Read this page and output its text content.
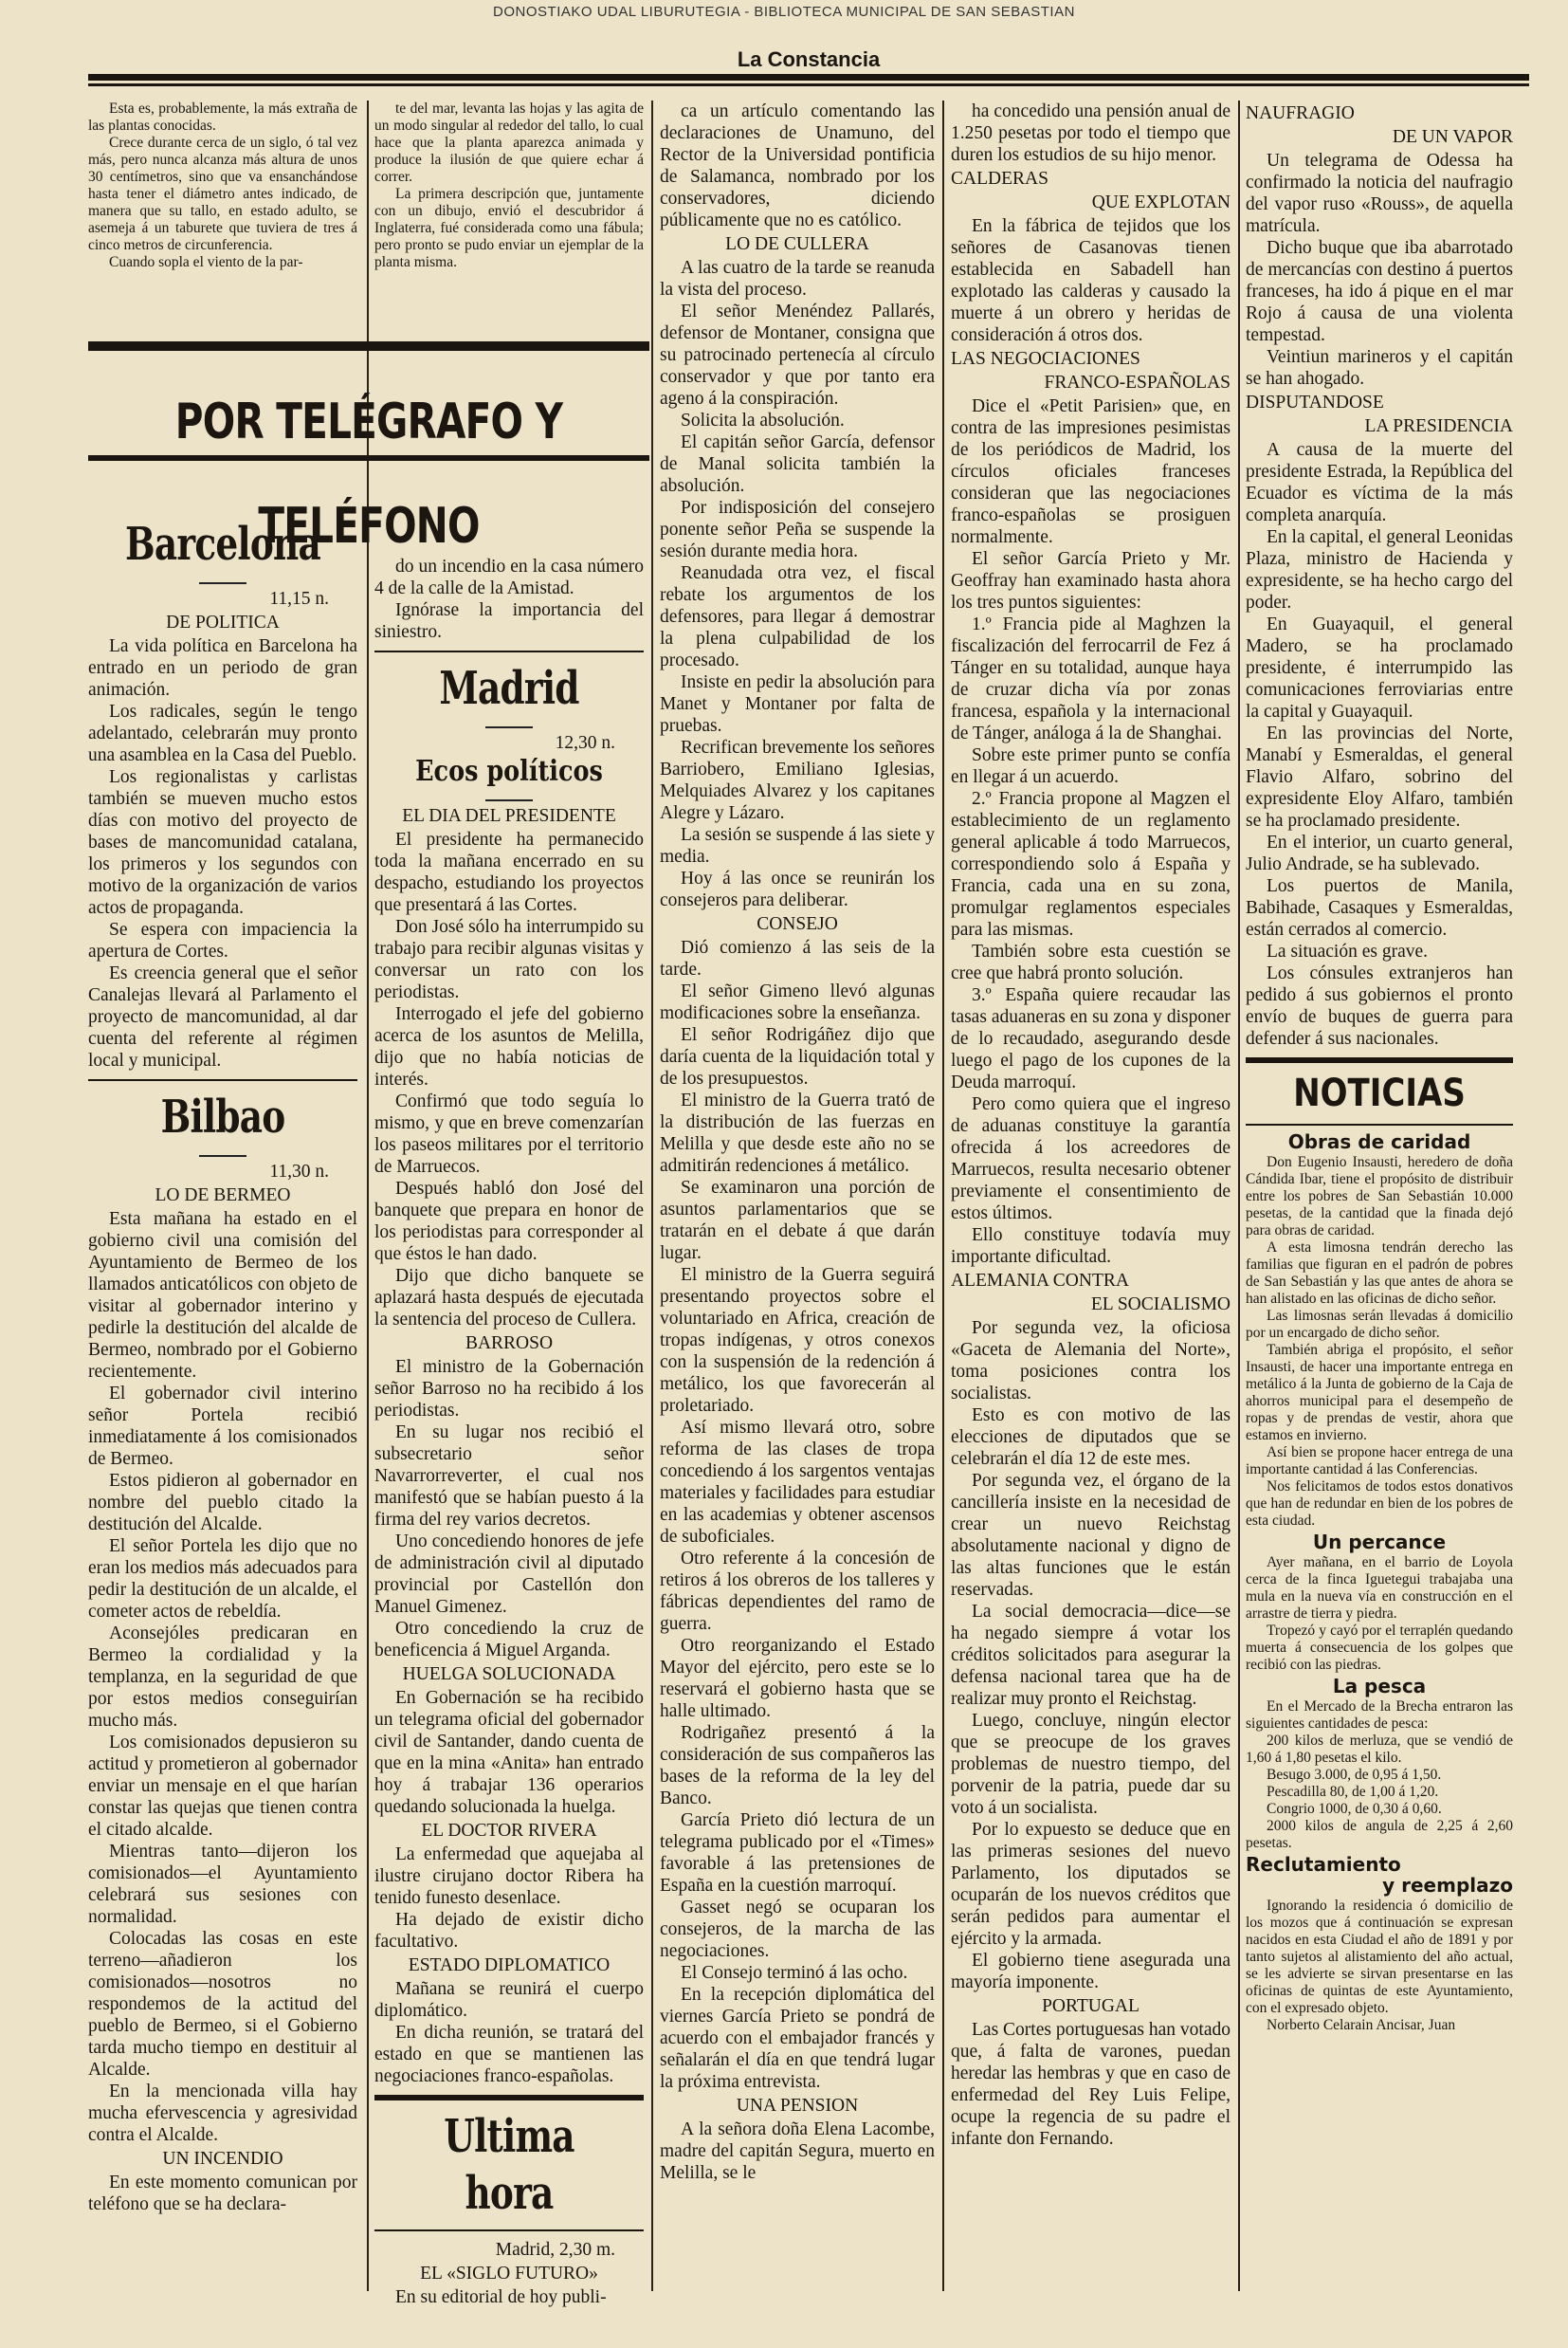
DONOSTIAKO UDAL LIBURUTEGIA - BIBLIOTECA MUNICIPAL DE SAN SEBASTIAN
La Constancia
POR TELÉGRAFO Y TELÉFONO

Esta es, probablemente, la más extraña de las plantas conocidas.

Crece durante cerca de un siglo, ó tal vez más, pero nunca alcanza más altura de unos 30 centímetros, sino que va ensanchándose hasta tener el diámetro antes indicado, de manera que su tallo, en estado adulto, se asemeja á un taburete que tuviera de tres á cinco metros de circunferencia.

Cuando sopla el viento de la par-

Barcelona
11,15 n.
DE POLITICA

La vida política en Barcelona ha entrado en un periodo de gran animación.

Los radicales, según le tengo adelantado, celebrarán muy pronto una asamblea en la Casa del Pueblo.

Los regionalistas y carlistas también se mueven mucho estos días con motivo del proyecto de bases de mancomunidad catalana, los primeros y los segundos con motivo de la organización de varios actos de propaganda.

Se espera con impaciencia la apertura de Cortes.

Es creencia general que el señor Canalejas llevará al Parlamento el proyecto de mancomunidad, al dar cuenta del referente al régimen local y municipal.

Bilbao
11,30 n.
LO DE BERMEO

Esta mañana ha estado en el gobierno civil una comisión del Ayuntamiento de Bermeo de los llamados anticatólicos con objeto de visitar al gobernador interino y pedirle la destitución del alcalde de Bermeo, nombrado por el Gobierno recientemente.

El gobernador civil interino señor Portela recibió inmediatamente á los comisionados de Bermeo.

Estos pidieron al gobernador en nombre del pueblo citado la destitución del Alcalde.

El señor Portela les dijo que no eran los medios más adecuados para pedir la destitución de un alcalde, el cometer actos de rebeldía.

Aconsejóles predicaran en Bermeo la cordialidad y la templanza, en la seguridad de que por estos medios conseguirían mucho más.

Los comisionados depusieron su actitud y prometieron al gobernador enviar un mensaje en el que harían constar las quejas que tienen contra el citado alcalde.

Mientras tanto—dijeron los comisionados—el Ayuntamiento celebrará sus sesiones con normalidad.

Colocadas las cosas en este terreno—añadieron los comisionados—nosotros no respondemos de la actitud del pueblo de Bermeo, si el Gobierno tarda mucho tiempo en destituir al Alcalde.

En la mencionada villa hay mucha efervescencia y agresividad contra el Alcalde.

UN INCENDIO

En este momento comunican por teléfono que se ha declara-

te del mar, levanta las hojas y las agita de un modo singular al rededor del tallo, lo cual hace que la planta aparezca animada y produce la ilusión de que quiere echar á correr.

La primera descripción que, juntamente con un dibujo, envió el descubridor á Inglaterra, fué considerada como una fábula; pero pronto se pudo enviar un ejemplar de la planta misma.

do un incendio en la casa número 4 de la calle de la Amistad.

Ignórase la importancia del siniestro.

Madrid
12,30 n.
Ecos políticos
EL DIA DEL PRESIDENTE

El presidente ha permanecido toda la mañana encerrado en su despacho, estudiando los proyectos que presentará á las Cortes.

Don José sólo ha interrumpido su trabajo para recibir algunas visitas y conversar un rato con los periodistas.

Interrogado el jefe del gobierno acerca de los asuntos de Melilla, dijo que no había noticias de interés.

Confirmó que todo seguía lo mismo, y que en breve comenzarían los paseos militares por el territorio de Marruecos.

Después habló don José del banquete que prepara en honor de los periodistas para corresponder al que éstos le han dado.

Dijo que dicho banquete se aplazará hasta después de ejecutada la sentencia del proceso de Cullera.

BARROSO

El ministro de la Gobernación señor Barroso no ha recibido á los periodistas.

En su lugar nos recibió el subsecretario señor Navarrorreverter, el cual nos manifestó que se habían puesto á la firma del rey varios decretos.

Uno concediendo honores de jefe de administración civil al diputado provincial por Castellón don Manuel Gimenez.

Otro concediendo la cruz de beneficencia á Miguel Arganda.

HUELGA SOLUCIONADA

En Gobernación se ha recibido un telegrama oficial del gobernador civil de Santander, dando cuenta de que en la mina «Anita» han entrado hoy á trabajar 136 operarios quedando solucionada la huelga.

EL DOCTOR RIVERA

La enfermedad que aquejaba al ilustre cirujano doctor Ribera ha tenido funesto desenlace.

Ha dejado de existir dicho facultativo.

ESTADO DIPLOMATICO

Mañana se reunirá el cuerpo diplomático.

En dicha reunión, se tratará del estado en que se mantienen las negociaciones franco-españolas.

Ultima hora
Madrid, 2,30 m.
EL «SIGLO FUTURO»

En su editorial de hoy publi-

ca un artículo comentando las declaraciones de Unamuno, del Rector de la Universidad pontificia de Salamanca, nombrado por los conservadores, diciendo públicamente que no es católico.

LO DE CULLERA

A las cuatro de la tarde se reanuda la vista del proceso.

El señor Menéndez Pallarés, defensor de Montaner, consigna que su patrocinado pertenecía al círculo conservador y que por tanto era ageno á la conspiración.

Solicita la absolución.

El capitán señor García, defensor de Manal solicita también la absolución.

Por indisposición del consejero ponente señor Peña se suspende la sesión durante media hora.

Reanudada otra vez, el fiscal rebate los argumentos de los defensores, para llegar á demostrar la plena culpabilidad de los procesado.

Insiste en pedir la absolución para Manet y Montaner por falta de pruebas.

Recrifican brevemente los señores Barriobero, Emiliano Iglesias, Melquiades Alvarez y los capitanes Alegre y Lázaro.

La sesión se suspende á las siete y media.

Hoy á las once se reunirán los consejeros para deliberar.

CONSEJO

Dió comienzo á las seis de la tarde.

El señor Gimeno llevó algunas modificaciones sobre la enseñanza.

El señor Rodrigáñez dijo que daría cuenta de la liquidación total y de los presupuestos.

El ministro de la Guerra trató de la distribución de las fuerzas en Melilla y que desde este año no se admitirán redenciones á metálico.

Se examinaron una porción de asuntos parlamentarios que se tratarán en el debate á que darán lugar.

El ministro de la Guerra seguirá presentando proyectos sobre el voluntariado en Africa, creación de tropas indígenas, y otros conexos con la suspensión de la redención á metálico, los que favorecerán al proletariado.

Así mismo llevará otro, sobre reforma de las clases de tropa concediendo á los sargentos ventajas materiales y facilidades para estudiar en las academias y obtener ascensos de suboficiales.

Otro referente á la concesión de retiros á los obreros de los talleres y fábricas dependientes del ramo de guerra.

Otro reorganizando el Estado Mayor del ejército, pero este se lo reservará el gobierno hasta que se halle ultimado.

Rodrigañez presentó á la consideración de sus compañeros las bases de la reforma de la ley del Banco.

García Prieto dió lectura de un telegrama publicado por el «Times» favorable á las pretensiones de España en la cuestión marroquí.

Gasset negó se ocuparan los consejeros, de la marcha de las negociaciones.

El Consejo terminó á las ocho.

En la recepción diplomática del viernes García Prieto se pondrá de acuerdo con el embajador francés y señalarán el día en que tendrá lugar la próxima entrevista.

UNA PENSION

A la señora doña Elena Lacombe, madre del capitán Segura, muerto en Melilla, se le

ha concedido una pensión anual de 1.250 pesetas por todo el tiempo que duren los estudios de su hijo menor.

CALDERAS
QUE EXPLOTAN

En la fábrica de tejidos que los señores de Casanovas tienen establecida en Sabadell han explotado las calderas y causado la muerte á un obrero y heridas de consideración á otros dos.

LAS NEGOCIACIONES
FRANCO-ESPAÑOLAS

Dice el «Petit Parisien» que, en contra de las impresiones pesimistas de los periódicos de Madrid, los círculos oficiales franceses consideran que las negociaciones franco-españolas se prosiguen normalmente.

El señor García Prieto y Mr. Geoffray han examinado hasta ahora los tres puntos siguientes:

1.º Francia pide al Maghzen la fiscalización del ferrocarril de Fez á Tánger en su totalidad, aunque haya de cruzar dicha vía por zonas francesa, española y la internacional de Tánger, análoga á la de Shanghai.

Sobre este primer punto se confía en llegar á un acuerdo.

2.º Francia propone al Magzen el establecimiento de un reglamento general aplicable á todo Marruecos, correspondiendo solo á España y Francia, cada una en su zona, promulgar reglamentos especiales para las mismas.

También sobre esta cuestión se cree que habrá pronto solución.

3.º España quiere recaudar las tasas aduaneras en su zona y disponer de lo recaudado, asegurando desde luego el pago de los cupones de la Deuda marroquí.

Pero como quiera que el ingreso de aduanas constituye la garantía ofrecida á los acreedores de Marruecos, resulta necesario obtener previamente el consentimiento de estos últimos.

Ello constituye todavía muy importante dificultad.

ALEMANIA CONTRA
EL SOCIALISMO

Por segunda vez, la oficiosa «Gaceta de Alemania del Norte», toma posiciones contra los socialistas.

Esto es con motivo de las elecciones de diputados que se celebrarán el día 12 de este mes.

Por segunda vez, el órgano de la cancillería insiste en la necesidad de crear un nuevo Reichstag absolutamente nacional y digno de las altas funciones que le están reservadas.

La social democracia—dice—se ha negado siempre á votar los créditos solicitados para asegurar la defensa nacional tarea que ha de realizar muy pronto el Reichstag.

Luego, concluye, ningún elector que se preocupe de los graves problemas de nuestro tiempo, del porvenir de la patria, puede dar su voto á un socialista.

Por lo expuesto se deduce que en las primeras sesiones del nuevo Parlamento, los diputados se ocuparán de los nuevos créditos que serán pedidos para aumentar el ejército y la armada.

El gobierno tiene asegurada una mayoría imponente.

PORTUGAL

Las Cortes portuguesas han votado que, á falta de varones, puedan heredar las hembras y que en caso de enfermedad del Rey Luis Felipe, ocupe la regencia de su padre el infante don Fernando.

NAUFRAGIO
DE UN VAPOR

Un telegrama de Odessa ha confirmado la noticia del naufragio del vapor ruso «Rouss», de aquella matrícula.

Dicho buque que iba abarrotado de mercancías con destino á puertos franceses, ha ido á pique en el mar Rojo á causa de una violenta tempestad.

Veintiun marineros y el capitán se han ahogado.

DISPUTANDOSE
LA PRESIDENCIA

A causa de la muerte del presidente Estrada, la República del Ecuador es víctima de la más completa anarquía.

En la capital, el general Leonidas Plaza, ministro de Hacienda y expresidente, se ha hecho cargo del poder.

En Guayaquil, el general Madero, se ha proclamado presidente, é interrumpido las comunicaciones ferroviarias entre la capital y Guayaquil.

En las provincias del Norte, Manabí y Esmeraldas, el general Flavio Alfaro, sobrino del expresidente Eloy Alfaro, también se ha proclamado presidente.

En el interior, un cuarto general, Julio Andrade, se ha sublevado.

Los puertos de Manila, Babihade, Casaques y Esmeraldas, están cerrados al comercio.

La situación es grave.

Los cónsules extranjeros han pedido á sus gobiernos el pronto envío de buques de guerra para defender á sus nacionales.

NOTICIAS
Obras de caridad

Don Eugenio Insausti, heredero de doña Cándida Ibar, tiene el propósito de distribuir entre los pobres de San Sebastián 10.000 pesetas, de la cantidad que la finada dejó para obras de caridad.

A esta limosna tendrán derecho las familias que figuran en el padrón de pobres de San Sebastián y las que antes de ahora se han alistado en las oficinas de dicho señor.

Las limosnas serán llevadas á domicilio por un encargado de dicho señor.

También abriga el propósito, el señor Insausti, de hacer una importante entrega en metálico á la Junta de gobierno de la Caja de ahorros municipal para el desempeño de ropas y de prendas de vestir, ahora que estamos en invierno.

Así bien se propone hacer entrega de una importante cantidad á las Conferencias.

Nos felicitamos de todos estos donativos que han de redundar en bien de los pobres de esta ciudad.

Un percance

Ayer mañana, en el barrio de Loyola cerca de la finca Iguetegui trabajaba una mula en la nueva vía en construcción en el arrastre de tierra y piedra.

Tropezó y cayó por el terraplén quedando muerta á consecuencia de los golpes que recibió con las piedras.

La pesca

En el Mercado de la Brecha entraron las siguientes cantidades de pesca:

200 kilos de merluza, que se vendió de 1,60 á 1,80 pesetas el kilo.

Besugo 3.000, de 0,95 á 1,50.

Pescadilla 80, de 1,00 á 1,20.

Congrio 1000, de 0,30 á 0,60.

2000 kilos de angula de 2,25 á 2,60 pesetas.

Reclutamiento
y reemplazo

Ignorando la residencia ó domicilio de los mozos que á continuación se expresan nacidos en esta Ciudad el año de 1891 y por tanto sujetos al alistamiento del año actual, se les advierte se sirvan presentarse en las oficinas de quintas de este Ayuntamiento, con el expresado objeto.

Norberto Celarain Ancisar, Juan
